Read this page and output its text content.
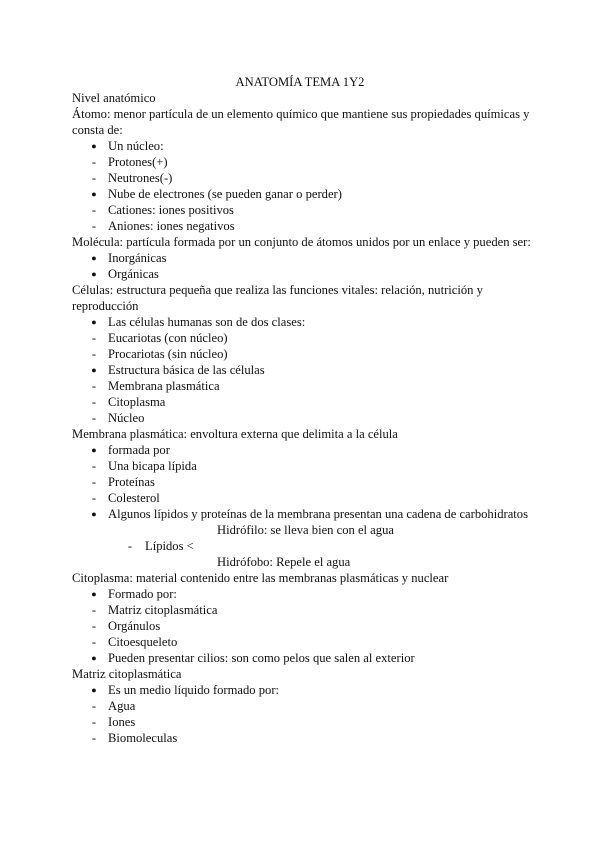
ANATOMÍA TEMA 1Y2
Nivel anatómico
Átomo: menor partícula de un elemento químico que mantiene sus propiedades químicas y
consta de:
● Un núcleo:
- Protones(+)
- Neutrones(-)
● Nube de electrones (se pueden ganar o perder)
- Cationes: iones positivos
- Aniones: iones negativos
Molécula: partícula formada por un conjunto de átomos unidos por un enlace y pueden ser:
● Inorgánicas
● Orgánicas
Células: estructura pequeña que realiza las funciones vitales: relación, nutrición y
reproducción
● Las células humanas son de dos clases:
- Eucariotas (con núcleo)
- Procariotas (sin núcleo)
● Estructura básica de las células
- Membrana plasmática
- Citoplasma
- Núcleo
Membrana plasmática: envoltura externa que delimita a la célula
● formada por
- Una bicapa lípida
- Proteínas
- Colesterol
● Algunos lípidos y proteínas de la membrana presentan una cadena de carbohidratos
Hidrófilo: se lleva bien con el agua
-	Lípidos <
Hidrófobo: Repele el agua
Citoplasma: material contenido entre las membranas plasmáticas y nuclear
● Formado por:
- Matriz citoplasmática
- Orgánulos
- Citoesqueleto
● Pueden presentar cilios: son como pelos que salen al exterior
Matriz citoplasmática
● Es un medio líquido formado por:
- Agua
- Iones
- Biomoleculas
